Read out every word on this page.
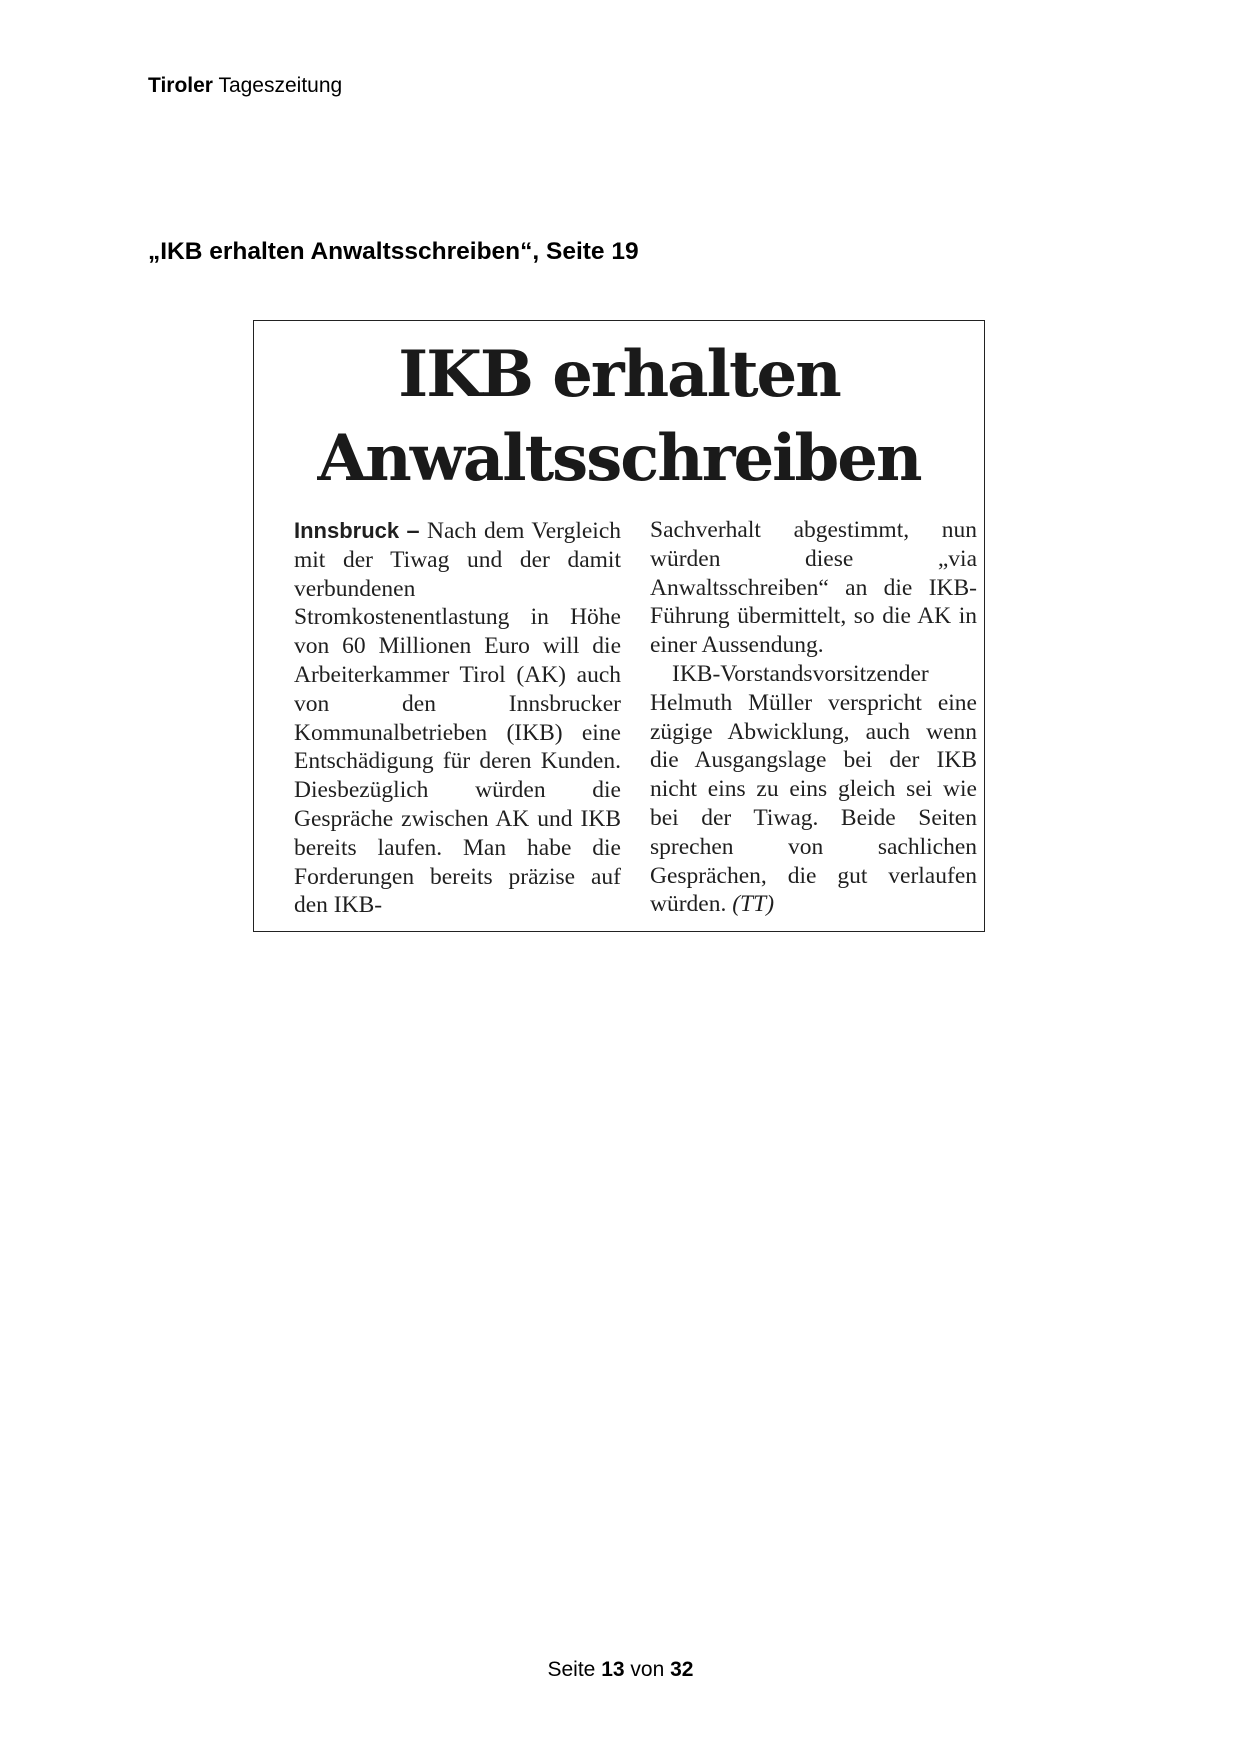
Tiroler Tageszeitung
„IKB erhalten Anwaltsschreiben“, Seite 19
IKB erhalten
Anwaltsschreiben

Innsbruck – Nach dem Vergleich mit der Tiwag und der damit verbundenen Stromkostenentlastung in Höhe von 60 Millionen Euro will die Arbeiterkammer Tirol (AK) auch von den Innsbrucker Kommunalbetrieben (IKB) eine Entschädigung für deren Kunden. Diesbezüglich würden die Gespräche zwischen AK und IKB bereits laufen. Man habe die Forderungen bereits präzise auf den IKB-

Sachverhalt abgestimmt, nun würden diese „via Anwaltsschreiben“ an die IKB-Führung übermittelt, so die AK in einer Aussendung.

IKB-Vorstandsvorsitzender Helmuth Müller verspricht eine zügige Abwicklung, auch wenn die Ausgangslage bei der IKB nicht eins zu eins gleich sei wie bei der Tiwag. Beide Seiten sprechen von sachlichen Gesprächen, die gut verlaufen würden. (TT)

Seite 13 von 32
